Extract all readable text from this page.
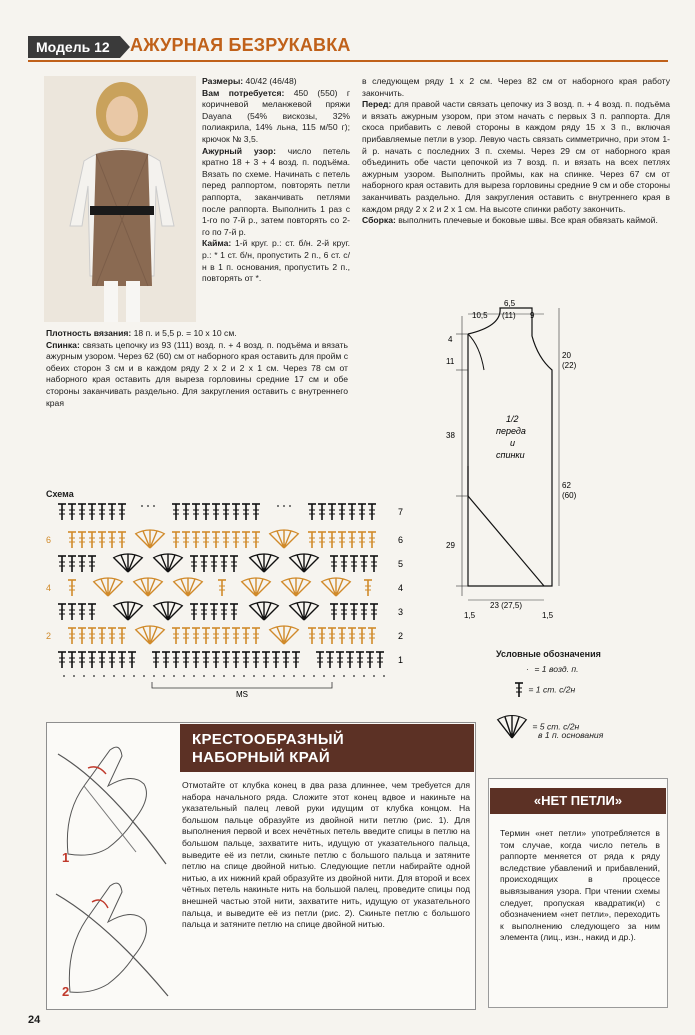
Модель 12	АЖУРНАЯ БЕЗРУКАВКА

Размеры: 40/42 (46/48)

Вам потребуется: 450 (550) г коричневой меланжевой пряжи Dayana (54% вискозы, 32% полиакрила, 14% льна, 115 м/50 г); крючок № 3,5.

Ажурный узор: число петель кратно 18 + 3 + 4 возд. п. подъёма. Вязать по схеме. Начинать с петель перед раппортом, повторять петли раппорта, заканчивать петлями после раппорта. Выполнить 1 раз с 1-го по 7-й р., затем повторять со 2-го по 7-й р.

Кайма: 1-й круг. р.: ст. б/н. 2-й круг. р.: * 1 ст. б/н, пропустить 2 п., 6 ст. с/н в 1 п. основания, пропустить 2 п., повторять от *.

Плотность вязания: 18 п. и 5,5 р. = 10 х 10 см.

Спинка: связать цепочку из 93 (111) возд. п. + 4 возд. п. подъёма и вязать ажурным узором. Через 62 (60) см от наборного края оставить для пройм с обеих сторон 3 см и в каждом ряду 2 х 2 и 2 х 1 см. Через 78 см от наборного края оставить для выреза горловины средние 17 см и обе стороны заканчивать раздельно. Для закругления оставить с внутреннего края

в следующем ряду 1 х 2 см. Через 82 см от наборного края работу закончить.

Перед: для правой части связать цепочку из 3 возд. п. + 4 возд. п. подъёма и вязать ажурным узором, при этом начать с первых 3 п. раппорта. Для скоса прибавить с левой стороны в каждом ряду 15 х 3 п., включая прибавляемые петли в узор. Левую часть связать симметрично, при этом 1-й р. начать с последних 3 п. схемы. Через 29 см от наборного края объединить обе части цепочкой из 7 возд. п. и вязать на всех петлях ажурным узором. Выполнить проймы, как на спинке. Через 67 см от наборного края оставить для выреза горловины средние 9 см и обе стороны заканчивать раздельно. Для закругления оставить с внутреннего края в каждом ряду 2 х 2 и 2 х 1 см. На высоте спинки работу закончить.

Сборка: выполнить плечевые и боковые швы. Все края обвязать каймой.

Схема
MS
7
6
5
4
3
2
1
6
4
2
10,5
6,5
(11) 9
4
11
38
29
20
(22)
62
(60)
23 (27,5)
1,5	1,5
1/2
переда
и
спинки
Условные обозначения
· = 1 возд. п.
= 1 ст. с/2н
= 5 ст. с/2н
в 1 п. основания
КРЕСТООБРАЗНЫЙ
НАБОРНЫЙ КРАЙ
1
2
Отмотайте от клубка конец в два раза длиннее, чем требуется для набора начального ряда. Сложите этот конец вдвое и накиньте на указательный палец левой руки идущим от клубка концом. На большом пальце образуйте из двойной нити петлю (рис. 1). Для выполнения первой и всех нечётных петель введите спицы в петлю на большом пальце, захватите нить, идущую от указательного пальца, выведите её из петли, скиньте петлю с большого пальца и затяните петлю на спице двойной нитью. Следующие петли набирайте одной нитью, а их нижний край образуйте из двойной нити. Для второй и всех чётных петель накиньте нить на большой палец, проведите спицы под внешней частью этой нити, захватите нить, идущую от указательного пальца, и выведите её из петли (рис. 2). Скиньте петлю с большого пальца и затяните петлю на спице двойной нитью.
«НЕТ ПЕТЛИ»
Термин «нет петли» употребляется в том случае, когда число петель в раппорте меняется от ряда к ряду вследствие убавлений и прибавлений, происходящих в процессе вывязывания узора. При чтении схемы следует, пропуская квадратик(и) с обозначением «нет петли», переходить к выполнению следующего за ним элемента (лиц., изн., накид и др.).
24
